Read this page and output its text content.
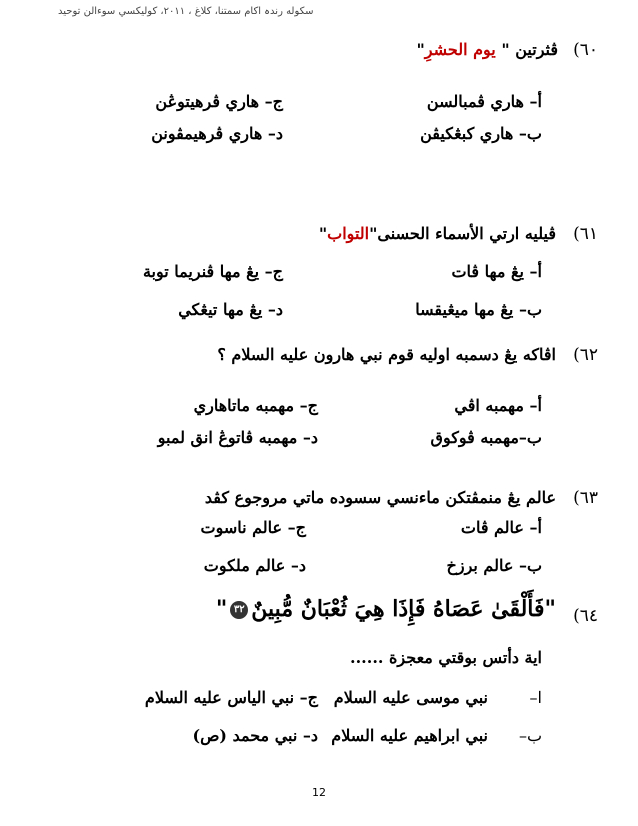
سکوله رندہ اکام سمتنا، کلاغ ، ٢٠١١، کوليکسي سوءالن توحيد
٦٠)
ڤثرتين " يوم الحشرِ"
أ– هاري ڤمبالسن
ب– هاري کبڠکيڤن
ج– هاري ڤرهيتوڠن
د– هاري ڤرهيمڤونن
٦١)
ڤيليه ارتي الأسماء الحسنى"التواب"
أ– يڠ مها ڤات
ب– يڠ مها ميڠيقسا
ج– يڠ مها ڤنريما توبة
د– يڠ مها تيڠکي
٦٢)
اڤاکه يڠ دسمبه اوليه قوم نبي هارون عليه السلام ؟
أ– مهمبه اڤي
ب–مهمبه ڤوکوق
ج– مهمبه ماتاهاري
د– مهمبه ڤاتوڠ انق لمبو
٦٣)
عالم يڠ منمڤتکن ماءنسي سسوده ماتي مروجوع کڤد
أ– عالم ڤات
ب– عالم برزخ
ج– عالم ناسوت
د– عالم ملکوت
٦٤)
"فَأَلْقَىٰ عَصَاهُ فَإِذَا هِيَ ثُعْبَانٌ مُّبِينٌ٣٢"
اية دأتس بوقتي معجزة ......
ا–
نبي موسى عليه السلام
ب–
نبي ابراهيم عليه السلام
ج– نبي الياس عليه السلام
د– نبي محمد (ص)
12
